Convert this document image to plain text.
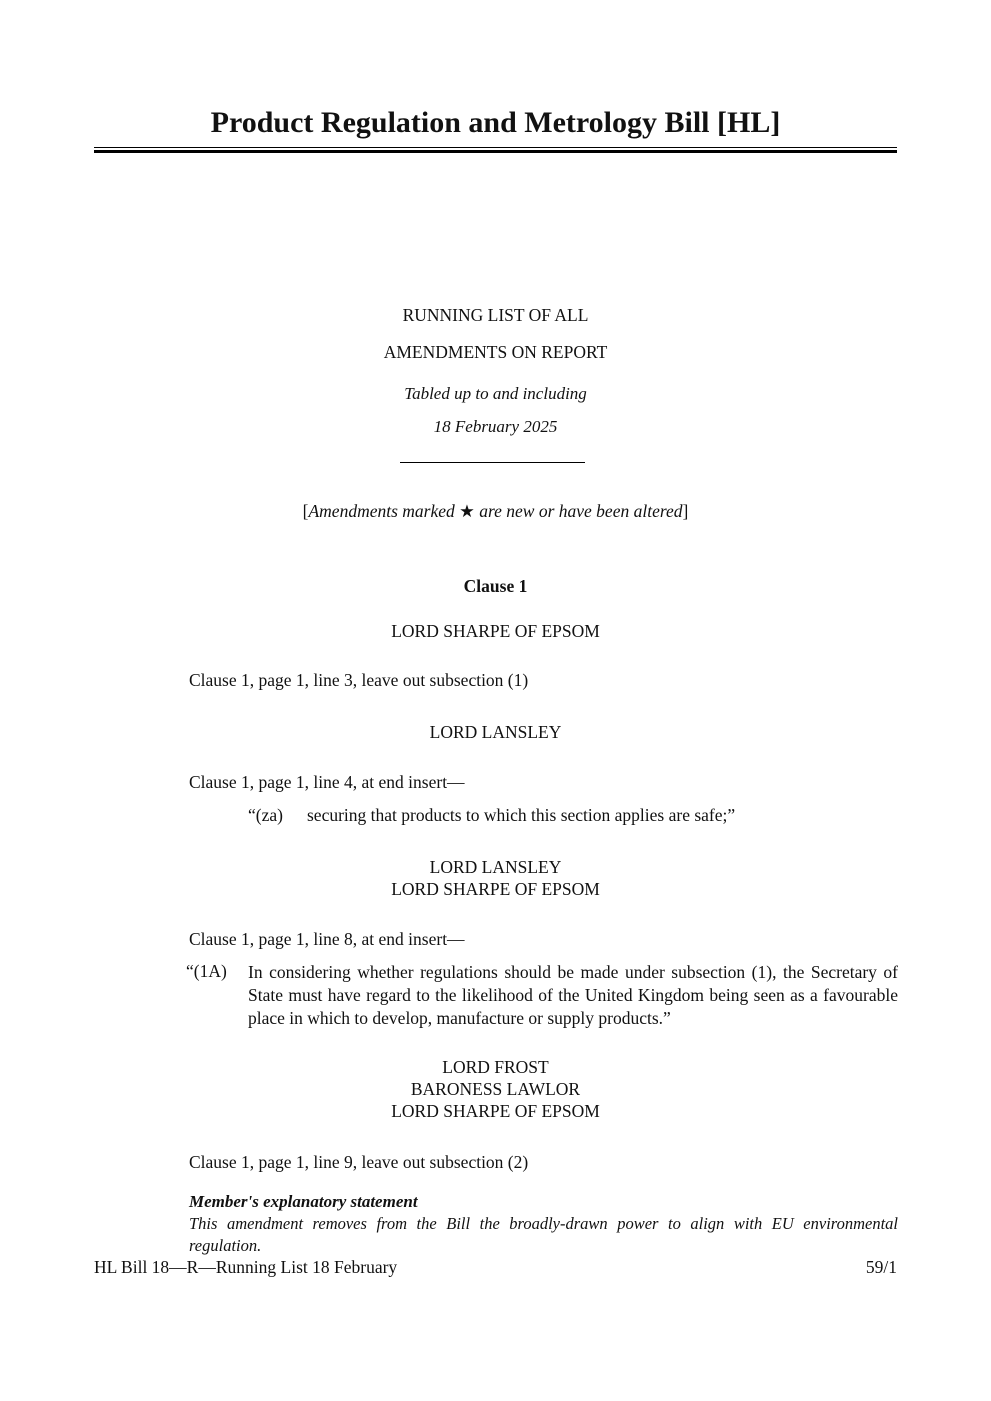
Product Regulation and Metrology Bill [HL]
RUNNING LIST OF ALL
AMENDMENTS ON REPORT
Tabled up to and including
18 February 2025
[Amendments marked ★ are new or have been altered]
Clause 1
LORD SHARPE OF EPSOM
Clause 1, page 1, line 3, leave out subsection (1)
LORD LANSLEY
Clause 1, page 1, line 4, at end insert—
“(za) securing that products to which this section applies are safe;”
LORD LANSLEY
LORD SHARPE OF EPSOM
Clause 1, page 1, line 8, at end insert—
“(1A) In considering whether regulations should be made under subsection (1), the Secretary of State must have regard to the likelihood of the United Kingdom being seen as a favourable place in which to develop, manufacture or supply products.”
LORD FROST
BARONESS LAWLOR
LORD SHARPE OF EPSOM
Clause 1, page 1, line 9, leave out subsection (2)
Member's explanatory statement
This amendment removes from the Bill the broadly-drawn power to align with EU environmental regulation.
HL Bill 18—R—Running List 18 February	59/1
